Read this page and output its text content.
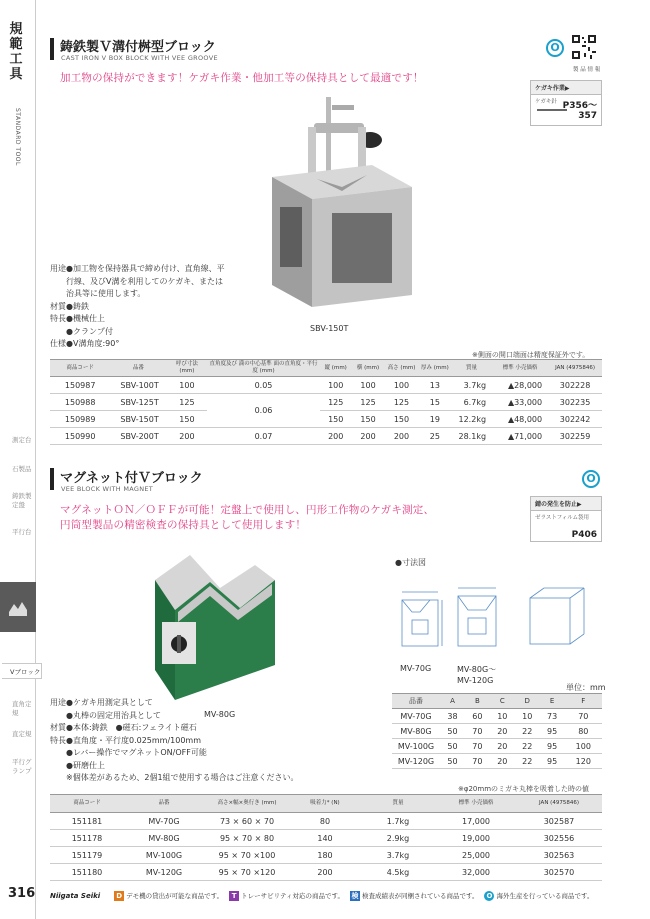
規
範
工
具
STANDARD TOOL
測定台
石製品
鋳鉄製定盤
平行台
Vブロック
直角定規
直定規
平行グランプ
316
鋳鉄製Ｖ溝付桝型ブロック
CAST IRON V BOX BLOCK WITH VEE GROOVE
O
製 品 情 報
加工物の保持ができます！ケガキ作業・他加工等の保持具として最適です！
ケガキ作業▶
ケガキ針 P356～357
SBV-150T
用途●加工物を保持器具で締め付け、直角線、平
　　行線、及びV溝を利用してのケガキ、または
　　治具等に使用します。
材質●鋳鉄
特長●機械仕上
　　●クランプ付
仕様●V溝角度:90°
※側面の開口端面は精度保証外です。
商品コード	品番	呼び寸法 (mm)	直角度及び 満の中心基準 面の直角度・平行度 (mm)	縦 (mm)	横 (mm)	高さ (mm)	厚み (mm)	質量	標準 小売価格	JAN (4975846)
150987	SBV-100T	100	0.05	100	100	100	13	3.7kg	▲28,000	302228
150988	SBV-125T	125	0.06	125	125	125	15	6.7kg	▲33,000	302235
150989	SBV-150T	150		150	150	150	19	12.2kg	▲48,000	302242
150990	SBV-200T	200	0.07	200	200	200	25	28.1kg	▲71,000	302259
マグネット付Ｖブロック
VEE BLOCK WITH MAGNET
O
マグネットＯＮ／ＯＦＦが可能！定盤上で使用し、円形工作物のケガキ測定、
円筒型製品の精密検査の保持具として使用します！
錆の発生を防止▶
ゼラストフィルム袋用
P406
MV-80G
●寸法図
MV-70G	MV-80G～
MV-120G
単位：mm
品番	A	B	C	D	E	F
MV-70G	38	60	10	10	73	70
MV-80G	50	70	20	22	95	80
MV-100G	50	70	20	22	95	100
MV-120G	50	70	20	22	95	120
用途●ケガキ用測定具として
　　●丸棒の固定用治具として
材質●本体:鋳鉄　●磁石:フェライト磁石
特長●直角度・平行度0.025mm/100mm
　　●レバー操作でマグネットON/OFF可能
　　●研磨仕上
　　※個体差があるため、2個1組で使用する場合はご注意ください。
※φ20mmのミガキ丸棒を吸着した時の値
商品コード	品番	高さ×幅×奥行き (mm)	吸着力* (N)	質量	標準 小売価格	JAN (4975846)
151181	MV-70G	73 × 60 × 70	80	1.7kg	17,000	302587
151178	MV-80G	95 × 70 × 80	140	2.9kg	19,000	302556
151179	MV-100G	95 × 70 ×100	180	3.7kg	25,000	302563
151180	MV-120G	95 × 70 ×120	200	4.5kg	32,000	302570
Niigata Seiki D デモ機の貸出が可能な商品です。	T トレーサビリティ対応の商品です。 検 検査成績表が同梱されている商品です。 O 海外生産を行っている商品です。
